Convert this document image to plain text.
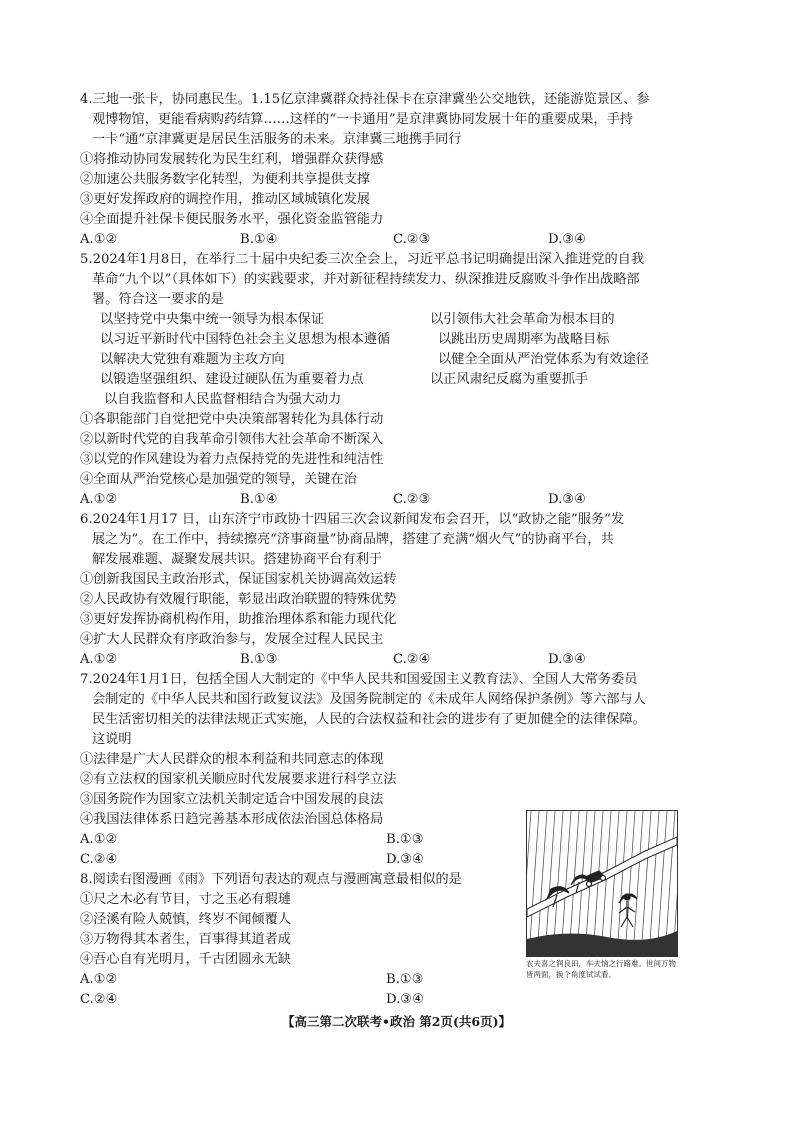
4.三地一张卡，协同惠民生。1.15亿京津冀群众持社保卡在京津冀坐公交地铁，还能游览景区、参
观博物馆，更能看病购药结算……这样的“一卡通用”是京津冀协同发展十年的重要成果，手持
一卡“通”京津冀更是居民生活服务的未来。京津冀三地携手同行
①将推动协同发展转化为民生红利，增强群众获得感
②加速公共服务数字化转型，为便利共享提供支撑
③更好发挥政府的调控作用，推动区域城镇化发展
④全面提升社保卡便民服务水平，强化资金监管能力
A.①②	B.①④	C.②③	D.③④
5.2024年1月8日，在举行二十届中央纪委三次全会上，习近平总书记明确提出深入推进党的自我
革命“九个以”（具体如下）的实践要求，并对新征程持续发力、纵深推进反腐败斗争作出战略部
署。符合这一要求的是
以坚持党中央集中统一领导为根本保证	以引领伟大社会革命为根本目的
以习近平新时代中国特色社会主义思想为根本遵循	以跳出历史周期率为战略目标
以解决大党独有难题为主攻方向	以健全全面从严治党体系为有效途径
以锻造坚强组织、建设过硬队伍为重要着力点	以正风肃纪反腐为重要抓手
以自我监督和人民监督相结合为强大动力
①各职能部门自觉把党中央决策部署转化为具体行动
②以新时代党的自我革命引领伟大社会革命不断深入
③以党的作风建设为着力点保持党的先进性和纯洁性
④全面从严治党核心是加强党的领导，关键在治
A.①②	B.①④	C.②③	D.③④
6.2024年1月17 日，山东济宁市政协十四届三次会议新闻发布会召开，以“政协之能”服务“发
展之为”。在工作中，持续擦亮“济事商量”协商品牌，搭建了充满“烟火气”的协商平台，共
解发展难题、凝聚发展共识。搭建协商平台有利于
①创新我国民主政治形式，保证国家机关协调高效运转
②人民政协有效履行职能，彰显出政治联盟的特殊优势
③更好发挥协商机构作用，助推治理体系和能力现代化
④扩大人民群众有序政治参与，发展全过程人民民主
A.①②	B.①③	C.②④	D.③④
7.2024年1月1日，包括全国人大制定的《中华人民共和国爱国主义教育法》、全国人大常务委员
会制定的《中华人民共和国行政复议法》及国务院制定的《未成年人网络保护条例》等六部与人
民生活密切相关的法律法规正式实施，人民的合法权益和社会的进步有了更加健全的法律保障。
这说明
①法律是广大人民群众的根本利益和共同意志的体现
②有立法权的国家机关顺应时代发展要求进行科学立法
③国务院作为国家立法机关制定适合中国发展的良法
④我国法律体系日趋完善基本形成依法治国总体格局
A.①②	B.①③
C.②④	D.③④
8.阅读右图漫画《雨》下列语句表达的观点与漫画寓意最相似的是
①尺之木必有节目，寸之玉必有瑕璉
②泾溪有险人兢慎，终岁不闻倾覆人
③万物得其本者生，百事得其道者成
④吾心自有光明月，千古团圆永无缺
A.①②	B.①③
C.②④	D.③④
农夫喜之润良田，车夫恼之行路难。世间万物皆两面，换个角度试试看。
【高三第二次联考•政治 第2页(共6页)】
